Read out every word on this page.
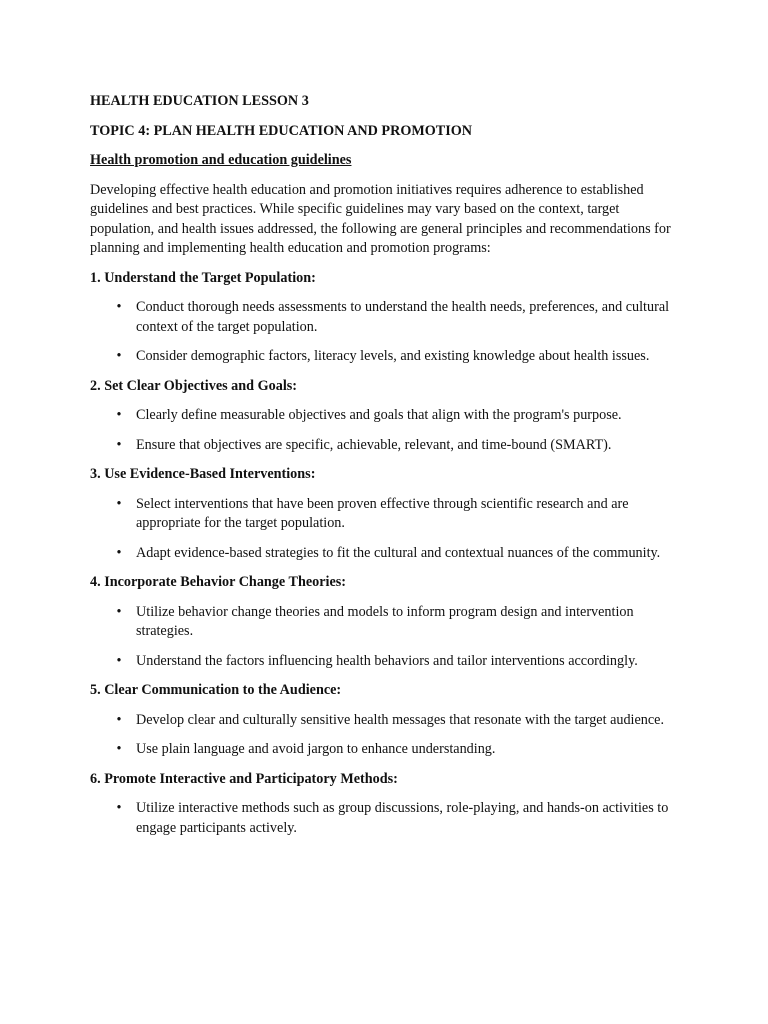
HEALTH EDUCATION LESSON 3

TOPIC 4: PLAN HEALTH EDUCATION AND PROMOTION

Health promotion and education guidelines

Developing effective health education and promotion initiatives requires adherence to established guidelines and best practices. While specific guidelines may vary based on the context, target population, and health issues addressed, the following are general principles and recommendations for planning and implementing health education and promotion programs:

1. Understand the Target Population:

• Conduct thorough needs assessments to understand the health needs, preferences, and cultural context of the target population.
• Consider demographic factors, literacy levels, and existing knowledge about health issues.

2. Set Clear Objectives and Goals:

• Clearly define measurable objectives and goals that align with the program's purpose.
• Ensure that objectives are specific, achievable, relevant, and time-bound (SMART).

3. Use Evidence-Based Interventions:

• Select interventions that have been proven effective through scientific research and are appropriate for the target population.
• Adapt evidence-based strategies to fit the cultural and contextual nuances of the community.

4. Incorporate Behavior Change Theories:

• Utilize behavior change theories and models to inform program design and intervention strategies.
• Understand the factors influencing health behaviors and tailor interventions accordingly.

5. Clear Communication to the Audience:

• Develop clear and culturally sensitive health messages that resonate with the target audience.
• Use plain language and avoid jargon to enhance understanding.

6. Promote Interactive and Participatory Methods:

• Utilize interactive methods such as group discussions, role-playing, and hands-on activities to engage participants actively.
